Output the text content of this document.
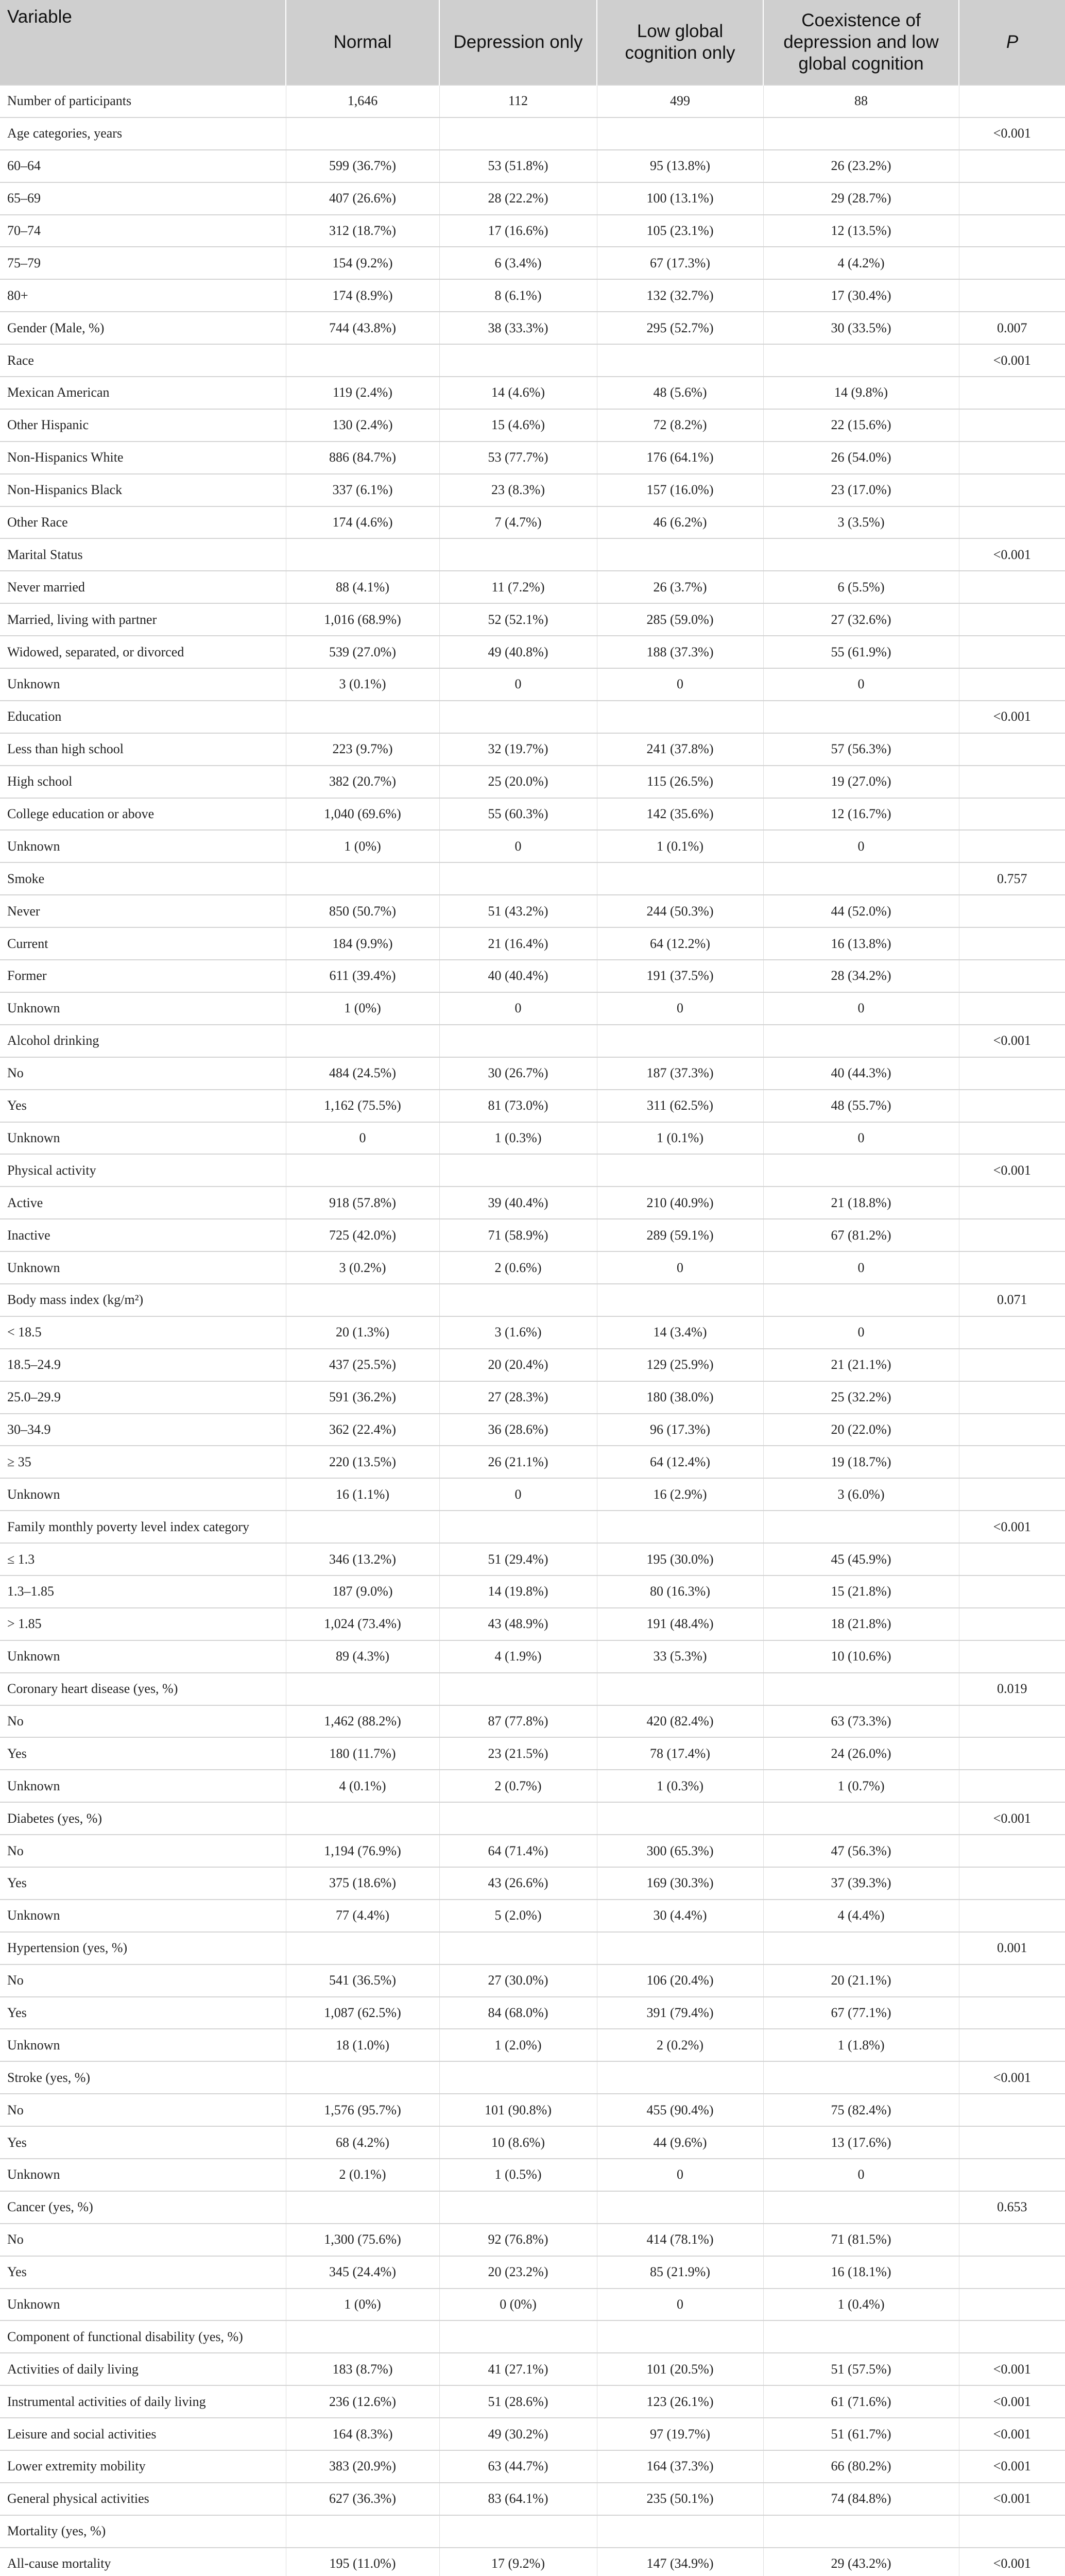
Variable	Normal	Depression only	Low global cognition only	Coexistence of depression and low global cognition	P
Number of participants	1,646	112	499	88	
Age categories, years					<0.001
60–64	599 (36.7%)	53 (51.8%)	95 (13.8%)	26 (23.2%)	
65–69	407 (26.6%)	28 (22.2%)	100 (13.1%)	29 (28.7%)	
70–74	312 (18.7%)	17 (16.6%)	105 (23.1%)	12 (13.5%)	
75–79	154 (9.2%)	6 (3.4%)	67 (17.3%)	4 (4.2%)	
80+	174 (8.9%)	8 (6.1%)	132 (32.7%)	17 (30.4%)	
Gender (Male, %)	744 (43.8%)	38 (33.3%)	295 (52.7%)	30 (33.5%)	0.007
Race					<0.001
Mexican American	119 (2.4%)	14 (4.6%)	48 (5.6%)	14 (9.8%)	
Other Hispanic	130 (2.4%)	15 (4.6%)	72 (8.2%)	22 (15.6%)	
Non-Hispanics White	886 (84.7%)	53 (77.7%)	176 (64.1%)	26 (54.0%)	
Non-Hispanics Black	337 (6.1%)	23 (8.3%)	157 (16.0%)	23 (17.0%)	
Other Race	174 (4.6%)	7 (4.7%)	46 (6.2%)	3 (3.5%)	
Marital Status					<0.001
Never married	88 (4.1%)	11 (7.2%)	26 (3.7%)	6 (5.5%)	
Married, living with partner	1,016 (68.9%)	52 (52.1%)	285 (59.0%)	27 (32.6%)	
Widowed, separated, or divorced	539 (27.0%)	49 (40.8%)	188 (37.3%)	55 (61.9%)	
Unknown	3 (0.1%)	0	0	0	
Education					<0.001
Less than high school	223 (9.7%)	32 (19.7%)	241 (37.8%)	57 (56.3%)	
High school	382 (20.7%)	25 (20.0%)	115 (26.5%)	19 (27.0%)	
College education or above	1,040 (69.6%)	55 (60.3%)	142 (35.6%)	12 (16.7%)	
Unknown	1 (0%)	0	1 (0.1%)	0	
Smoke					0.757
Never	850 (50.7%)	51 (43.2%)	244 (50.3%)	44 (52.0%)	
Current	184 (9.9%)	21 (16.4%)	64 (12.2%)	16 (13.8%)	
Former	611 (39.4%)	40 (40.4%)	191 (37.5%)	28 (34.2%)	
Unknown	1 (0%)	0	0	0	
Alcohol drinking					<0.001
No	484 (24.5%)	30 (26.7%)	187 (37.3%)	40 (44.3%)	
Yes	1,162 (75.5%)	81 (73.0%)	311 (62.5%)	48 (55.7%)	
Unknown	0	1 (0.3%)	1 (0.1%)	0	
Physical activity					<0.001
Active	918 (57.8%)	39 (40.4%)	210 (40.9%)	21 (18.8%)	
Inactive	725 (42.0%)	71 (58.9%)	289 (59.1%)	67 (81.2%)	
Unknown	3 (0.2%)	2 (0.6%)	0	0	
Body mass index (kg/m²)					0.071
< 18.5	20 (1.3%)	3 (1.6%)	14 (3.4%)	0	
18.5–24.9	437 (25.5%)	20 (20.4%)	129 (25.9%)	21 (21.1%)	
25.0–29.9	591 (36.2%)	27 (28.3%)	180 (38.0%)	25 (32.2%)	
30–34.9	362 (22.4%)	36 (28.6%)	96 (17.3%)	20 (22.0%)	
≥ 35	220 (13.5%)	26 (21.1%)	64 (12.4%)	19 (18.7%)	
Unknown	16 (1.1%)	0	16 (2.9%)	3 (6.0%)	
Family monthly poverty level index category					<0.001
≤ 1.3	346 (13.2%)	51 (29.4%)	195 (30.0%)	45 (45.9%)	
1.3–1.85	187 (9.0%)	14 (19.8%)	80 (16.3%)	15 (21.8%)	
> 1.85	1,024 (73.4%)	43 (48.9%)	191 (48.4%)	18 (21.8%)	
Unknown	89 (4.3%)	4 (1.9%)	33 (5.3%)	10 (10.6%)	
Coronary heart disease (yes, %)					0.019
No	1,462 (88.2%)	87 (77.8%)	420 (82.4%)	63 (73.3%)	
Yes	180 (11.7%)	23 (21.5%)	78 (17.4%)	24 (26.0%)	
Unknown	4 (0.1%)	2 (0.7%)	1 (0.3%)	1 (0.7%)	
Diabetes (yes, %)					<0.001
No	1,194 (76.9%)	64 (71.4%)	300 (65.3%)	47 (56.3%)	
Yes	375 (18.6%)	43 (26.6%)	169 (30.3%)	37 (39.3%)	
Unknown	77 (4.4%)	5 (2.0%)	30 (4.4%)	4 (4.4%)	
Hypertension (yes, %)					0.001
No	541 (36.5%)	27 (30.0%)	106 (20.4%)	20 (21.1%)	
Yes	1,087 (62.5%)	84 (68.0%)	391 (79.4%)	67 (77.1%)	
Unknown	18 (1.0%)	1 (2.0%)	2 (0.2%)	1 (1.8%)	
Stroke (yes, %)					<0.001
No	1,576 (95.7%)	101 (90.8%)	455 (90.4%)	75 (82.4%)	
Yes	68 (4.2%)	10 (8.6%)	44 (9.6%)	13 (17.6%)	
Unknown	2 (0.1%)	1 (0.5%)	0	0	
Cancer (yes, %)					0.653
No	1,300 (75.6%)	92 (76.8%)	414 (78.1%)	71 (81.5%)	
Yes	345 (24.4%)	20 (23.2%)	85 (21.9%)	16 (18.1%)	
Unknown	1 (0%)	0 (0%)	0	1 (0.4%)	
Component of functional disability (yes, %)					
Activities of daily living	183 (8.7%)	41 (27.1%)	101 (20.5%)	51 (57.5%)	<0.001
Instrumental activities of daily living	236 (12.6%)	51 (28.6%)	123 (26.1%)	61 (71.6%)	<0.001
Leisure and social activities	164 (8.3%)	49 (30.2%)	97 (19.7%)	51 (61.7%)	<0.001
Lower extremity mobility	383 (20.9%)	63 (44.7%)	164 (37.3%)	66 (80.2%)	<0.001
General physical activities	627 (36.3%)	83 (64.1%)	235 (50.1%)	74 (84.8%)	<0.001
Mortality (yes, %)					
All-cause mortality	195 (11.0%)	17 (9.2%)	147 (34.9%)	29 (43.2%)	<0.001
